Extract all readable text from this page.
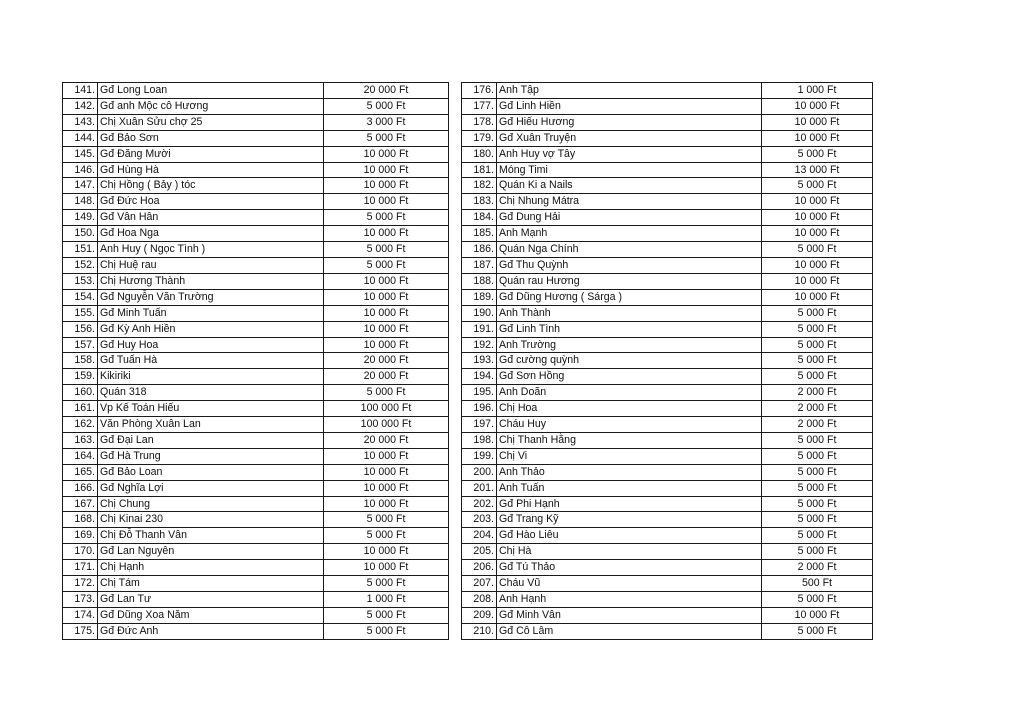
141.	Gđ Long Loan	20 000 Ft
142.	Gđ anh Mộc cô Hương	5 000 Ft
143.	Chị Xuân Sửu chợ 25	3 000 Ft
144.	Gđ Bảo Sơn	5 000 Ft
145.	Gđ Đăng Mười	10 000 Ft
146.	Gđ Hùng Hà	10 000 Ft
147.	Chị Hồng ( Bảy ) tóc	10 000 Ft
148.	Gđ Đức Hoa	10 000 Ft
149.	Gđ Vân Hân	5 000 Ft
150.	Gđ Hoa Nga	10 000 Ft
151.	Anh Huy ( Ngọc Tình )	5 000 Ft
152.	Chị Huệ rau	5 000 Ft
153.	Chị Hương Thành	10 000 Ft
154.	Gđ Nguyễn Văn Trường	10 000 Ft
155.	Gđ Minh Tuấn	10 000 Ft
156.	Gđ Kỳ Anh Hiền	10 000 Ft
157.	Gđ Huy Hoa	10 000 Ft
158.	Gđ Tuấn Hà	20 000 Ft
159.	Kikiriki	20 000 Ft
160.	Quán 318	5 000 Ft
161.	Vp Kế Toán Hiếu	100 000 Ft
162.	Văn Phòng Xuân Lan	100 000 Ft
163.	Gđ Đại Lan	20 000 Ft
164.	Gđ Hà Trung	10 000 Ft
165.	Gđ Bảo Loan	10 000 Ft
166.	Gđ Nghĩa Lợi	10 000 Ft
167.	Chị Chung	10 000 Ft
168.	Chị Kinai 230	5 000 Ft
169.	Chị Đỗ Thanh Vân	5 000 Ft
170.	Gđ Lan Nguyên	10 000 Ft
171.	Chị Hạnh	10 000 Ft
172.	Chị Tám	5 000 Ft
173.	Gđ Lan Tư	1 000 Ft
174.	Gđ Dũng Xoa Năm	5 000 Ft
175.	Gđ Đức Anh	5 000 Ft
176.	Anh Tập	1 000 Ft
177.	Gđ Linh Hiền	10 000 Ft
178.	Gđ Hiếu Hương	10 000 Ft
179.	Gđ Xuân Truyện	10 000 Ft
180.	Anh Huy vợ Tây	5 000 Ft
181.	Móng Timi	13 000 Ft
182.	Quán Ki a Nails	5 000 Ft
183.	Chị Nhung Mátra	10 000 Ft
184.	Gđ Dung Hải	10 000 Ft
185.	Anh Mạnh	10 000 Ft
186.	Quán Nga Chính	5 000 Ft
187.	Gđ Thu Quỳnh	10 000 Ft
188.	Quán rau Hương	10 000 Ft
189.	Gđ Dũng Hương ( Sárga )	10 000 Ft
190.	Anh Thành	5 000 Ft
191.	Gđ Linh Tình	5 000 Ft
192.	Anh Trường	5 000 Ft
193.	Gđ cường quỳnh	5 000 Ft
194.	Gđ Sơn Hồng	5 000 Ft
195.	Anh Doãn	2 000 Ft
196.	Chị Hoa	2 000 Ft
197.	Cháu Huy	2 000 Ft
198.	Chị Thanh Hằng	5 000 Ft
199.	Chị Vi	5 000 Ft
200.	Anh Thảo	5 000 Ft
201.	Anh Tuấn	5 000 Ft
202.	Gđ Phi Hạnh	5 000 Ft
203.	Gđ Trang Kỹ	5 000 Ft
204.	Gđ Hào Liêu	5 000 Ft
205.	Chị Hà	5 000 Ft
206.	Gđ Tú Thảo	2 000 Ft
207.	Cháu Vũ	500 Ft
208.	Anh Hạnh	5 000 Ft
209.	Gđ Minh Vân	10 000 Ft
210.	Gđ Cô Lâm	5 000 Ft
